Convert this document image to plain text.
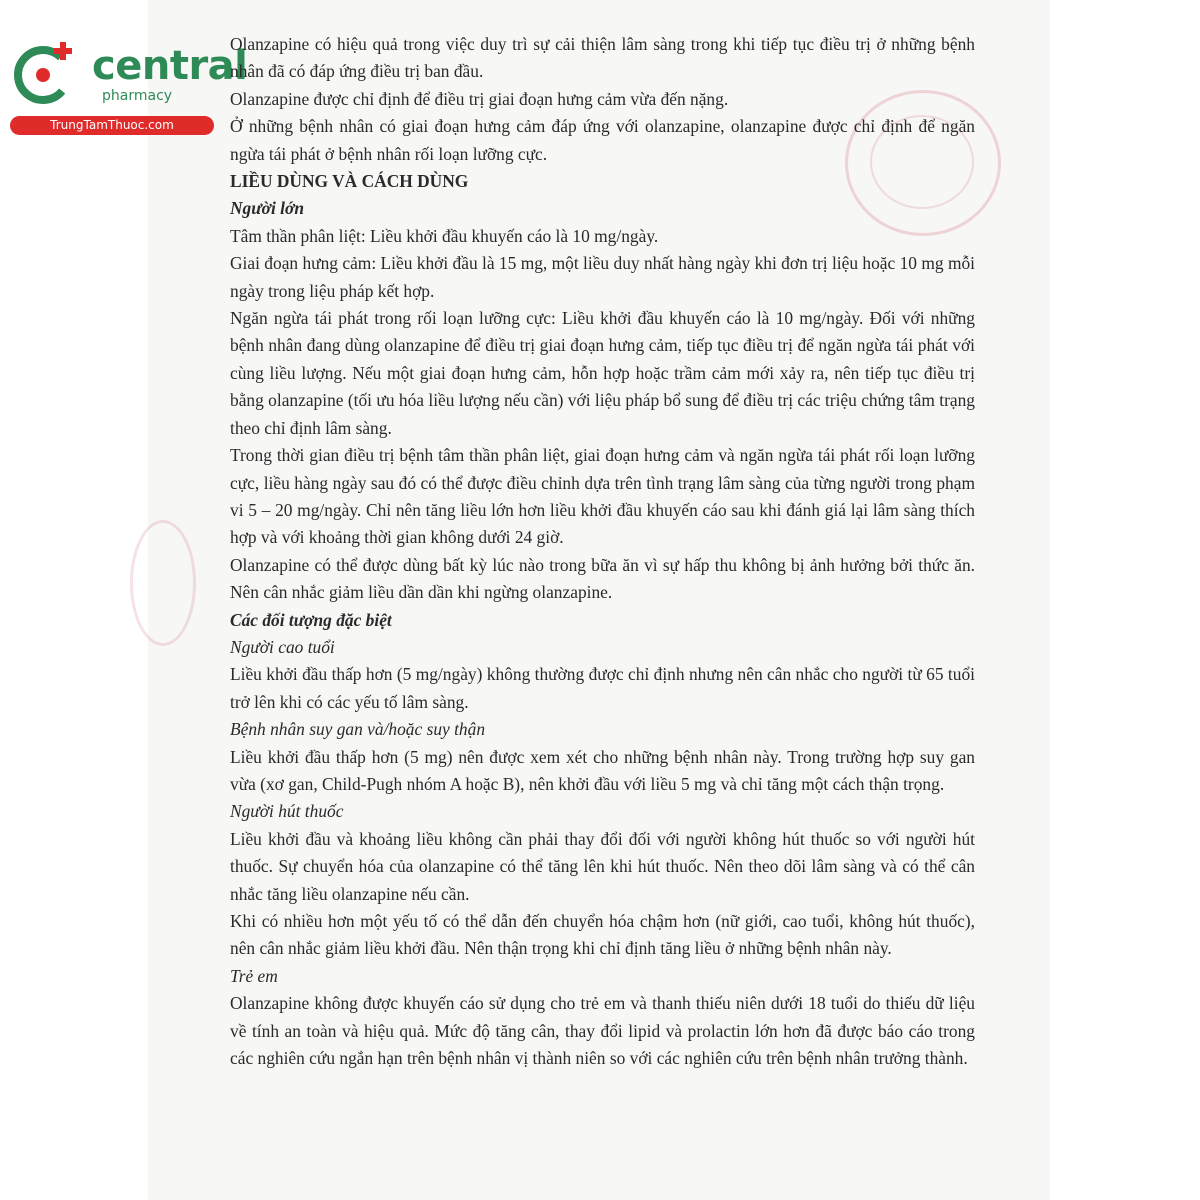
central
pharmacy
TrungTamThuoc.com

Olanzapine có hiệu quả trong việc duy trì sự cải thiện lâm sàng trong khi tiếp tục điều trị ở những bệnh nhân đã có đáp ứng điều trị ban đầu.

Olanzapine được chỉ định để điều trị giai đoạn hưng cảm vừa đến nặng.

Ở những bệnh nhân có giai đoạn hưng cảm đáp ứng với olanzapine, olanzapine được chỉ định để ngăn ngừa tái phát ở bệnh nhân rối loạn lưỡng cực.

LIỀU DÙNG VÀ CÁCH DÙNG

Người lớn

Tâm thần phân liệt: Liều khởi đầu khuyến cáo là 10 mg/ngày.

Giai đoạn hưng cảm: Liều khởi đầu là 15 mg, một liều duy nhất hàng ngày khi đơn trị liệu hoặc 10 mg mỗi ngày trong liệu pháp kết hợp.

Ngăn ngừa tái phát trong rối loạn lưỡng cực: Liều khởi đầu khuyến cáo là 10 mg/ngày. Đối với những bệnh nhân đang dùng olanzapine để điều trị giai đoạn hưng cảm, tiếp tục điều trị để ngăn ngừa tái phát với cùng liều lượng. Nếu một giai đoạn hưng cảm, hỗn hợp hoặc trầm cảm mới xảy ra, nên tiếp tục điều trị bằng olanzapine (tối ưu hóa liều lượng nếu cần) với liệu pháp bổ sung để điều trị các triệu chứng tâm trạng theo chỉ định lâm sàng.

Trong thời gian điều trị bệnh tâm thần phân liệt, giai đoạn hưng cảm và ngăn ngừa tái phát rối loạn lưỡng cực, liều hàng ngày sau đó có thể được điều chỉnh dựa trên tình trạng lâm sàng của từng người trong phạm vi 5 – 20 mg/ngày. Chỉ nên tăng liều lớn hơn liều khởi đầu khuyến cáo sau khi đánh giá lại lâm sàng thích hợp và với khoảng thời gian không dưới 24 giờ.

Olanzapine có thể được dùng bất kỳ lúc nào trong bữa ăn vì sự hấp thu không bị ảnh hưởng bởi thức ăn. Nên cân nhắc giảm liều dần dần khi ngừng olanzapine.

Các đối tượng đặc biệt

Người cao tuổi

Liều khởi đầu thấp hơn (5 mg/ngày) không thường được chỉ định nhưng nên cân nhắc cho người từ 65 tuổi trở lên khi có các yếu tố lâm sàng.

Bệnh nhân suy gan và/hoặc suy thận

Liều khởi đầu thấp hơn (5 mg) nên được xem xét cho những bệnh nhân này. Trong trường hợp suy gan vừa (xơ gan, Child-Pugh nhóm A hoặc B), nên khởi đầu với liều 5 mg và chỉ tăng một cách thận trọng.

Người hút thuốc

Liều khởi đầu và khoảng liều không cần phải thay đổi đối với người không hút thuốc so với người hút thuốc. Sự chuyển hóa của olanzapine có thể tăng lên khi hút thuốc. Nên theo dõi lâm sàng và có thể cân nhắc tăng liều olanzapine nếu cần.

Khi có nhiều hơn một yếu tố có thể dẫn đến chuyển hóa chậm hơn (nữ giới, cao tuổi, không hút thuốc), nên cân nhắc giảm liều khởi đầu. Nên thận trọng khi chỉ định tăng liều ở những bệnh nhân này.

Trẻ em

Olanzapine không được khuyến cáo sử dụng cho trẻ em và thanh thiếu niên dưới 18 tuổi do thiếu dữ liệu về tính an toàn và hiệu quả. Mức độ tăng cân, thay đổi lipid và prolactin lớn hơn đã được báo cáo trong các nghiên cứu ngắn hạn trên bệnh nhân vị thành niên so với các nghiên cứu trên bệnh nhân trưởng thành.
